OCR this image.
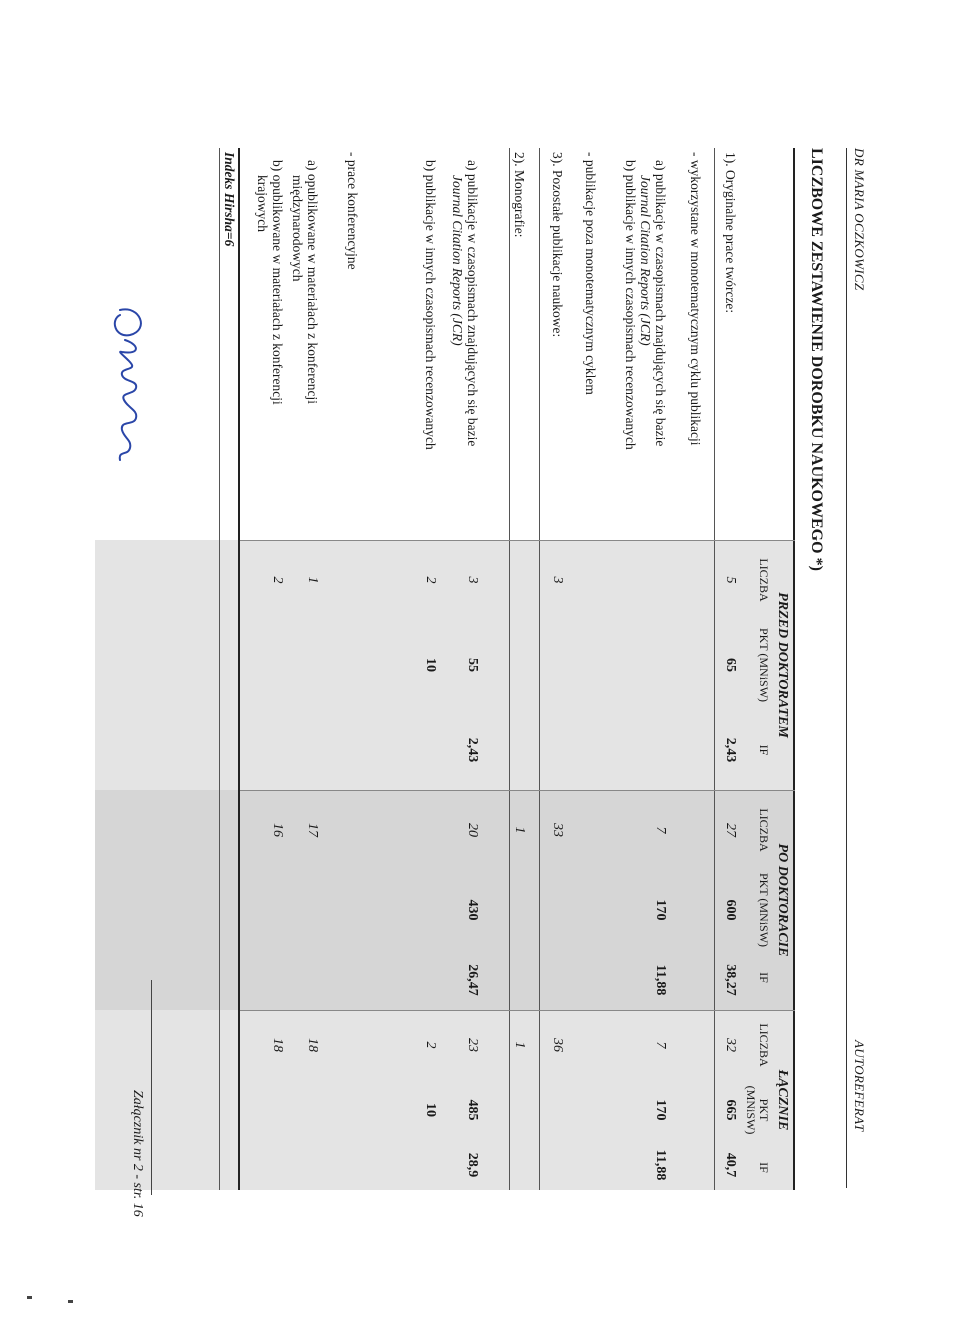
DR MARIA OCZKOWICZ
AUTOREFERAT
LICZBOWE ZESTAWIENIE DOROBKU NAUKOWEGO *)
PRZED DOKTORATEM
PO DOKTORACIE
ŁĄCZNIE
LICZBA
PKT (MNiSW)
IF
LICZBA
PKT (MNiSW)
IF
LICZBA
PKT (MNiSW)
IF
1). Oryginalne prace twórcze:
- wykorzystane w monotematycznym cyklu publikacji
a) publikacje w czasopismach znajdujących się bazie
Journal Citation Reports (JCR)
b) publikacje w innych czasopismach recenzowanych
- publikacje poza monotematycznym cyklem
a) publikacje w czasopismach znajdujących się bazie
Journal Citation Reports (JCR)
b) publikacje w innych czasopismach recenzowanych	2). Monografie: 3). Pozostałe publikacje naukowe:
- prace konferencyjne
a) opublikowane w materiałach z konferencji
międzynarodowych
b) opublikowane w materiałach z konferencji
krajowych
5
65
2,43
27
600
38,27
32
665
40,7
7
170
11,88
7
170
11,88
3
33
36
1
1
3
55
2,43
20
430
26,47
23
485
28,9
2
10
2
10
1
17
18
2
16
18
Indeks Hirsha=6
Załącznik nr 2 - str. 16
